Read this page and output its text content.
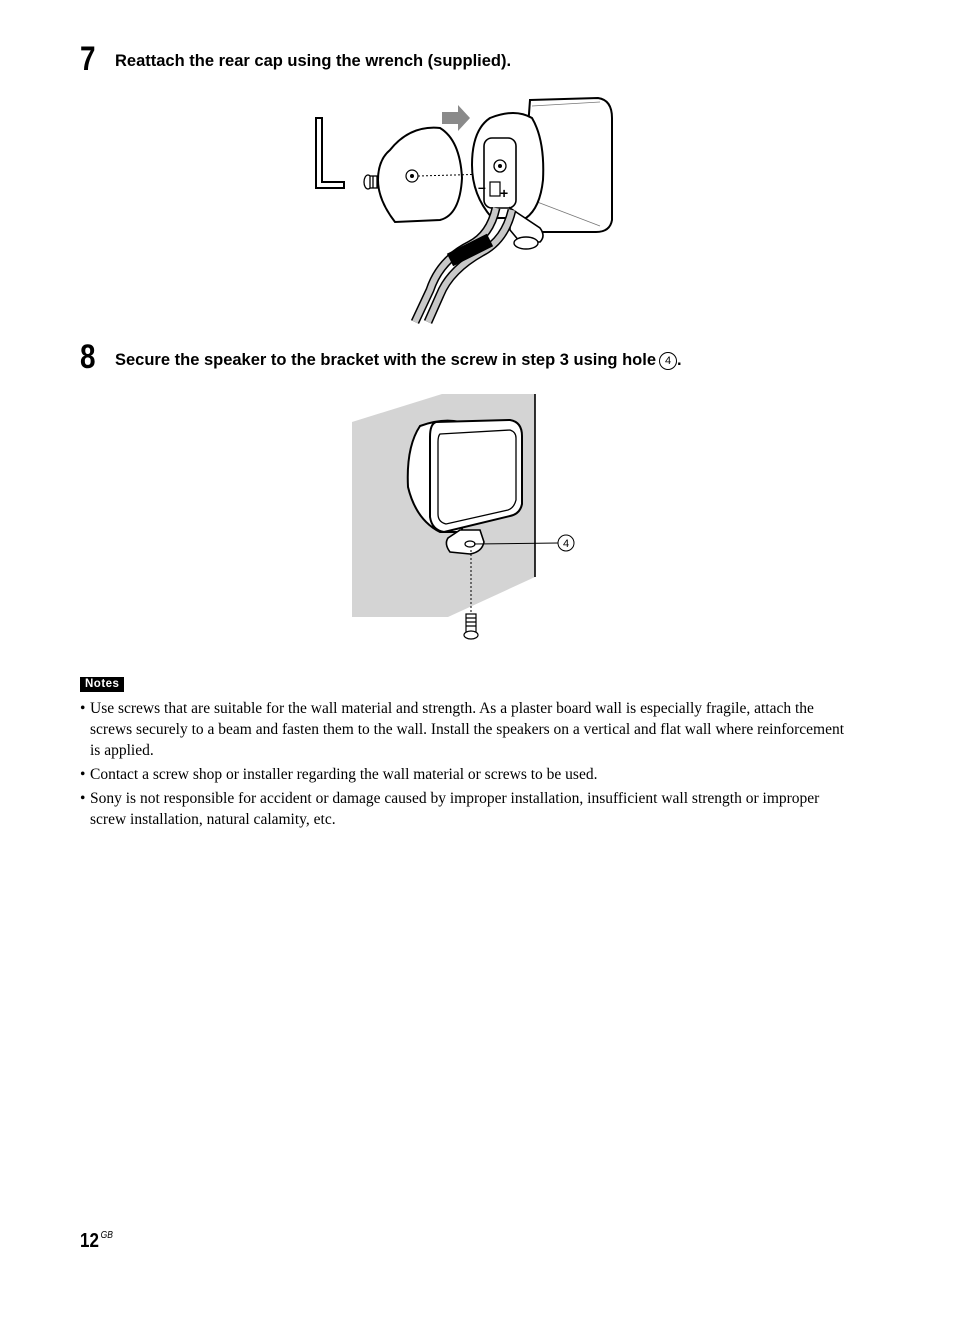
7 Reattach the rear cap using the wrench (supplied).
– +
8 Secure the speaker to the bracket with the screw in step 3 using hole 4 .
4
Notes
• Use screws that are suitable for the wall material and strength. As a plaster board wall is especially fragile, attach the screws securely to a beam and fasten them to the wall. Install the speakers on a vertical and flat wall where reinforcement is applied.
• Contact a screw shop or installer regarding the wall material or screws to be used.
• Sony is not responsible for accident or damage caused by improper installation, insufficient wall strength or improper screw installation, natural calamity, etc.
12 $^{GB}$
